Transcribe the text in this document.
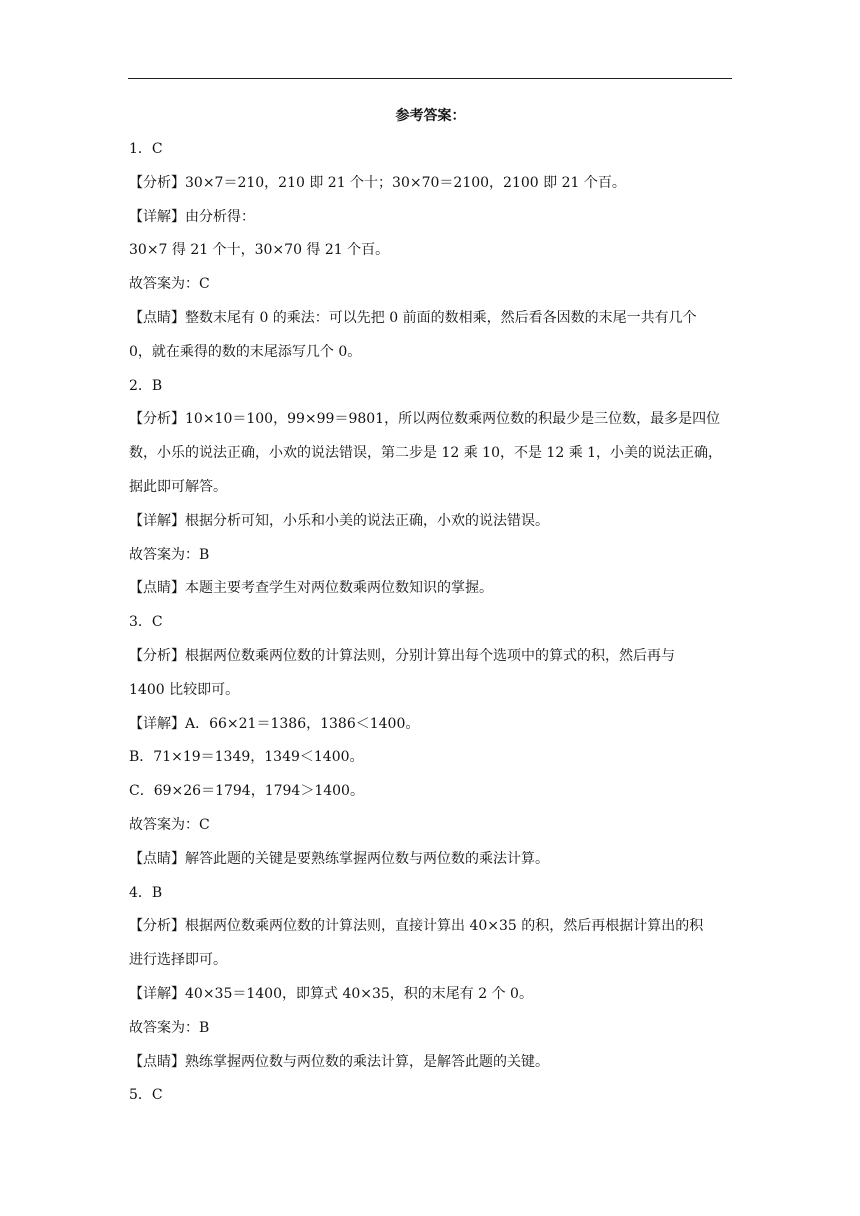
参考答案：

1．C

【分析】30×7＝210，210 即 21 个十；30×70＝2100，2100 即 21 个百。

【详解】由分析得：

30×7 得 21 个十，30×70 得 21 个百。

故答案为：C

【点睛】整数末尾有 0 的乘法：可以先把 0 前面的数相乘，然后看各因数的末尾一共有几个

0，就在乘得的数的末尾添写几个 0。

2．B

【分析】10×10＝100，99×99＝9801，所以两位数乘两位数的积最少是三位数，最多是四位

数，小乐的说法正确，小欢的说法错误，第二步是 12 乘 10，不是 12 乘 1，小美的说法正确，

据此即可解答。

【详解】根据分析可知，小乐和小美的说法正确，小欢的说法错误。

故答案为：B

【点睛】本题主要考查学生对两位数乘两位数知识的掌握。

3．C

【分析】根据两位数乘两位数的计算法则，分别计算出每个选项中的算式的积，然后再与

1400 比较即可。

【详解】A．66×21＝1386，1386＜1400。

B．71×19＝1349，1349＜1400。

C．69×26＝1794，1794＞1400。

故答案为：C

【点睛】解答此题的关键是要熟练掌握两位数与两位数的乘法计算。

4．B

【分析】根据两位数乘两位数的计算法则，直接计算出 40×35 的积，然后再根据计算出的积

进行选择即可。

【详解】40×35＝1400，即算式 40×35，积的末尾有 2 个 0。

故答案为：B

【点睛】熟练掌握两位数与两位数的乘法计算，是解答此题的关键。

5．C
